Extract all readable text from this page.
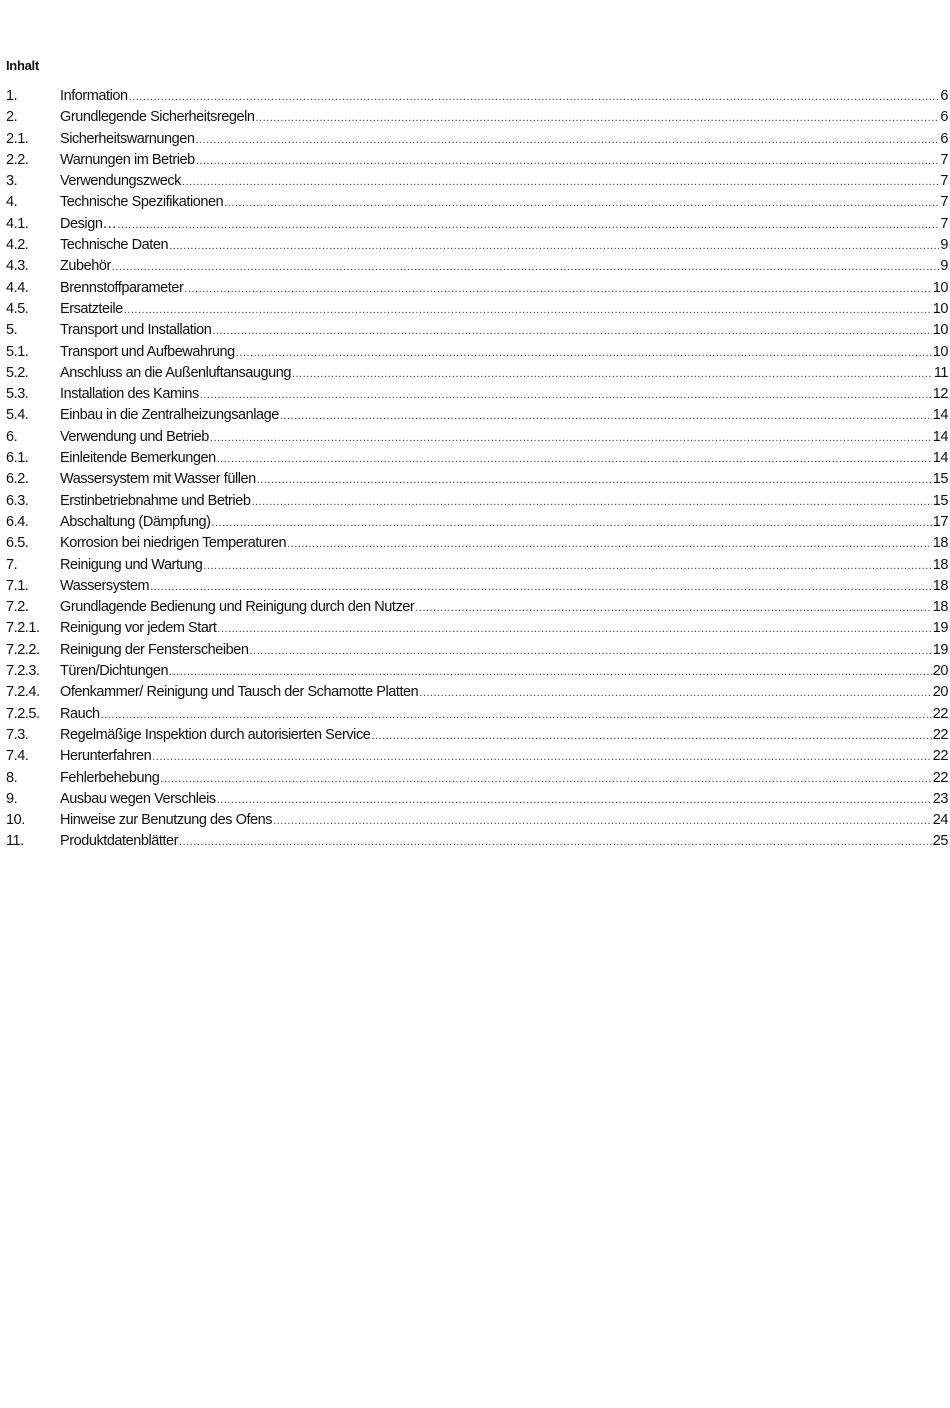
Inhalt
1.	Information .....	6
2.	Grundlegende Sicherheitsregeln .....	6
2.1.	Sicherheitswarnungen .....	6
2.2.	Warnungen im Betrieb .....	7
3.	Verwendungszweck .....	7
4.	Technische Spezifikationen .....	7
4.1.	Design… .....	7
4.2.	Technische Daten .....	9
4.3.	Zubehör .....	9
4.4.	Brennstoffparameter .....	10
4.5.	Ersatzteile .....	10
5.	Transport und Installation .....	10
5.1.	Transport und Aufbewahrung .....	10
5.2.	Anschluss an die Außenluftansaugung .....	11
5.3.	Installation des Kamins .....	12
5.4.	Einbau in die Zentralheizungsanlage .....	14
6.	Verwendung und Betrieb .....	14
6.1.	Einleitende Bemerkungen .....	14
6.2.	Wassersystem mit Wasser füllen .....	15
6.3.	Erstinbetriebnahme und Betrieb .....	15
6.4.	Abschaltung (Dämpfung) .....	17
6.5.	Korrosion bei niedrigen Temperaturen .....	18
7.	Reinigung und Wartung .....	18
7.1.	Wassersystem .....	18
7.2.	Grundlagende Bedienung und Reinigung durch den Nutzer .....	18
7.2.1.	Reinigung vor jedem Start .....	19
7.2.2.	Reinigung der Fensterscheiben .....	19
7.2.3.	Türen/Dichtungen .....	20
7.2.4.	Ofenkammer/ Reinigung und Tausch der Schamotte Platten .....	20
7.2.5.	Rauch .....	22
7.3.	Regelmäßige Inspektion durch autorisierten Service .....	22
7.4.	Herunterfahren .....	22
8.	Fehlerbehebung .....	22
9.	Ausbau wegen Verschleis .....	23
10.	Hinweise zur Benutzung des Ofens .....	24
11.	Produktdatenblätter .....	25
